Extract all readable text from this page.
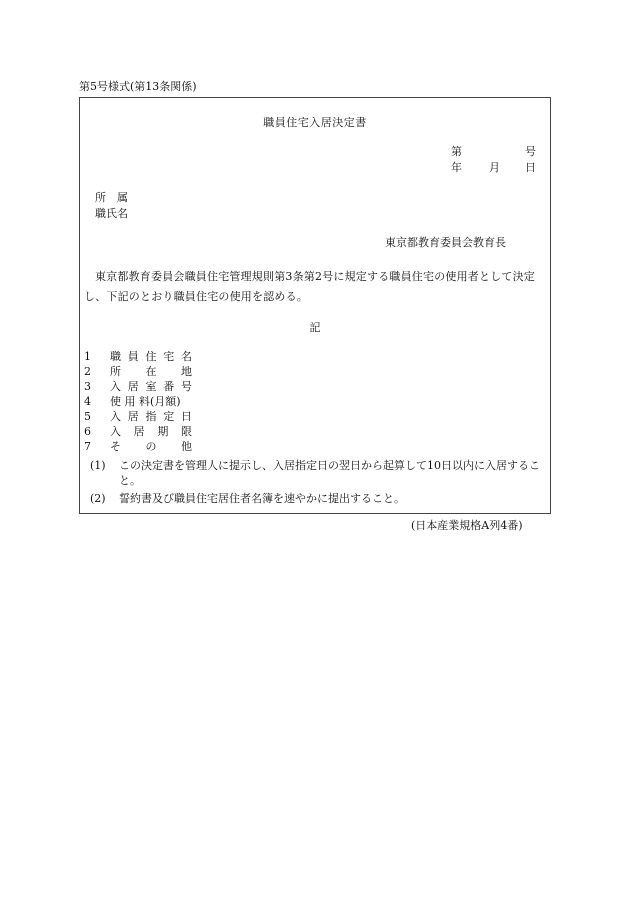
第5号様式(第13条関係)
職員住宅入居決定書
第	号
年 月 日
所　属
職氏名
東京都教育委員会教育長
東京都教育委員会職員住宅管理規則第3条第2号に規定する職員住宅の使用者として決定し、下記のとおり職員住宅の使用を認める。
記
1	職 員 住 宅 名
2	所 在 地
3	入 居 室 番 号
4	使 用 料(月額)
5	入 居 指 定 日
6	入 居 期 限
7	そ の 他
(1)	この決定書を管理人に提示し、入居指定日の翌日から起算して10日以内に入居すること。
(2)	誓約書及び職員住宅居住者名簿を速やかに提出すること。
(日本産業規格A列4番)
